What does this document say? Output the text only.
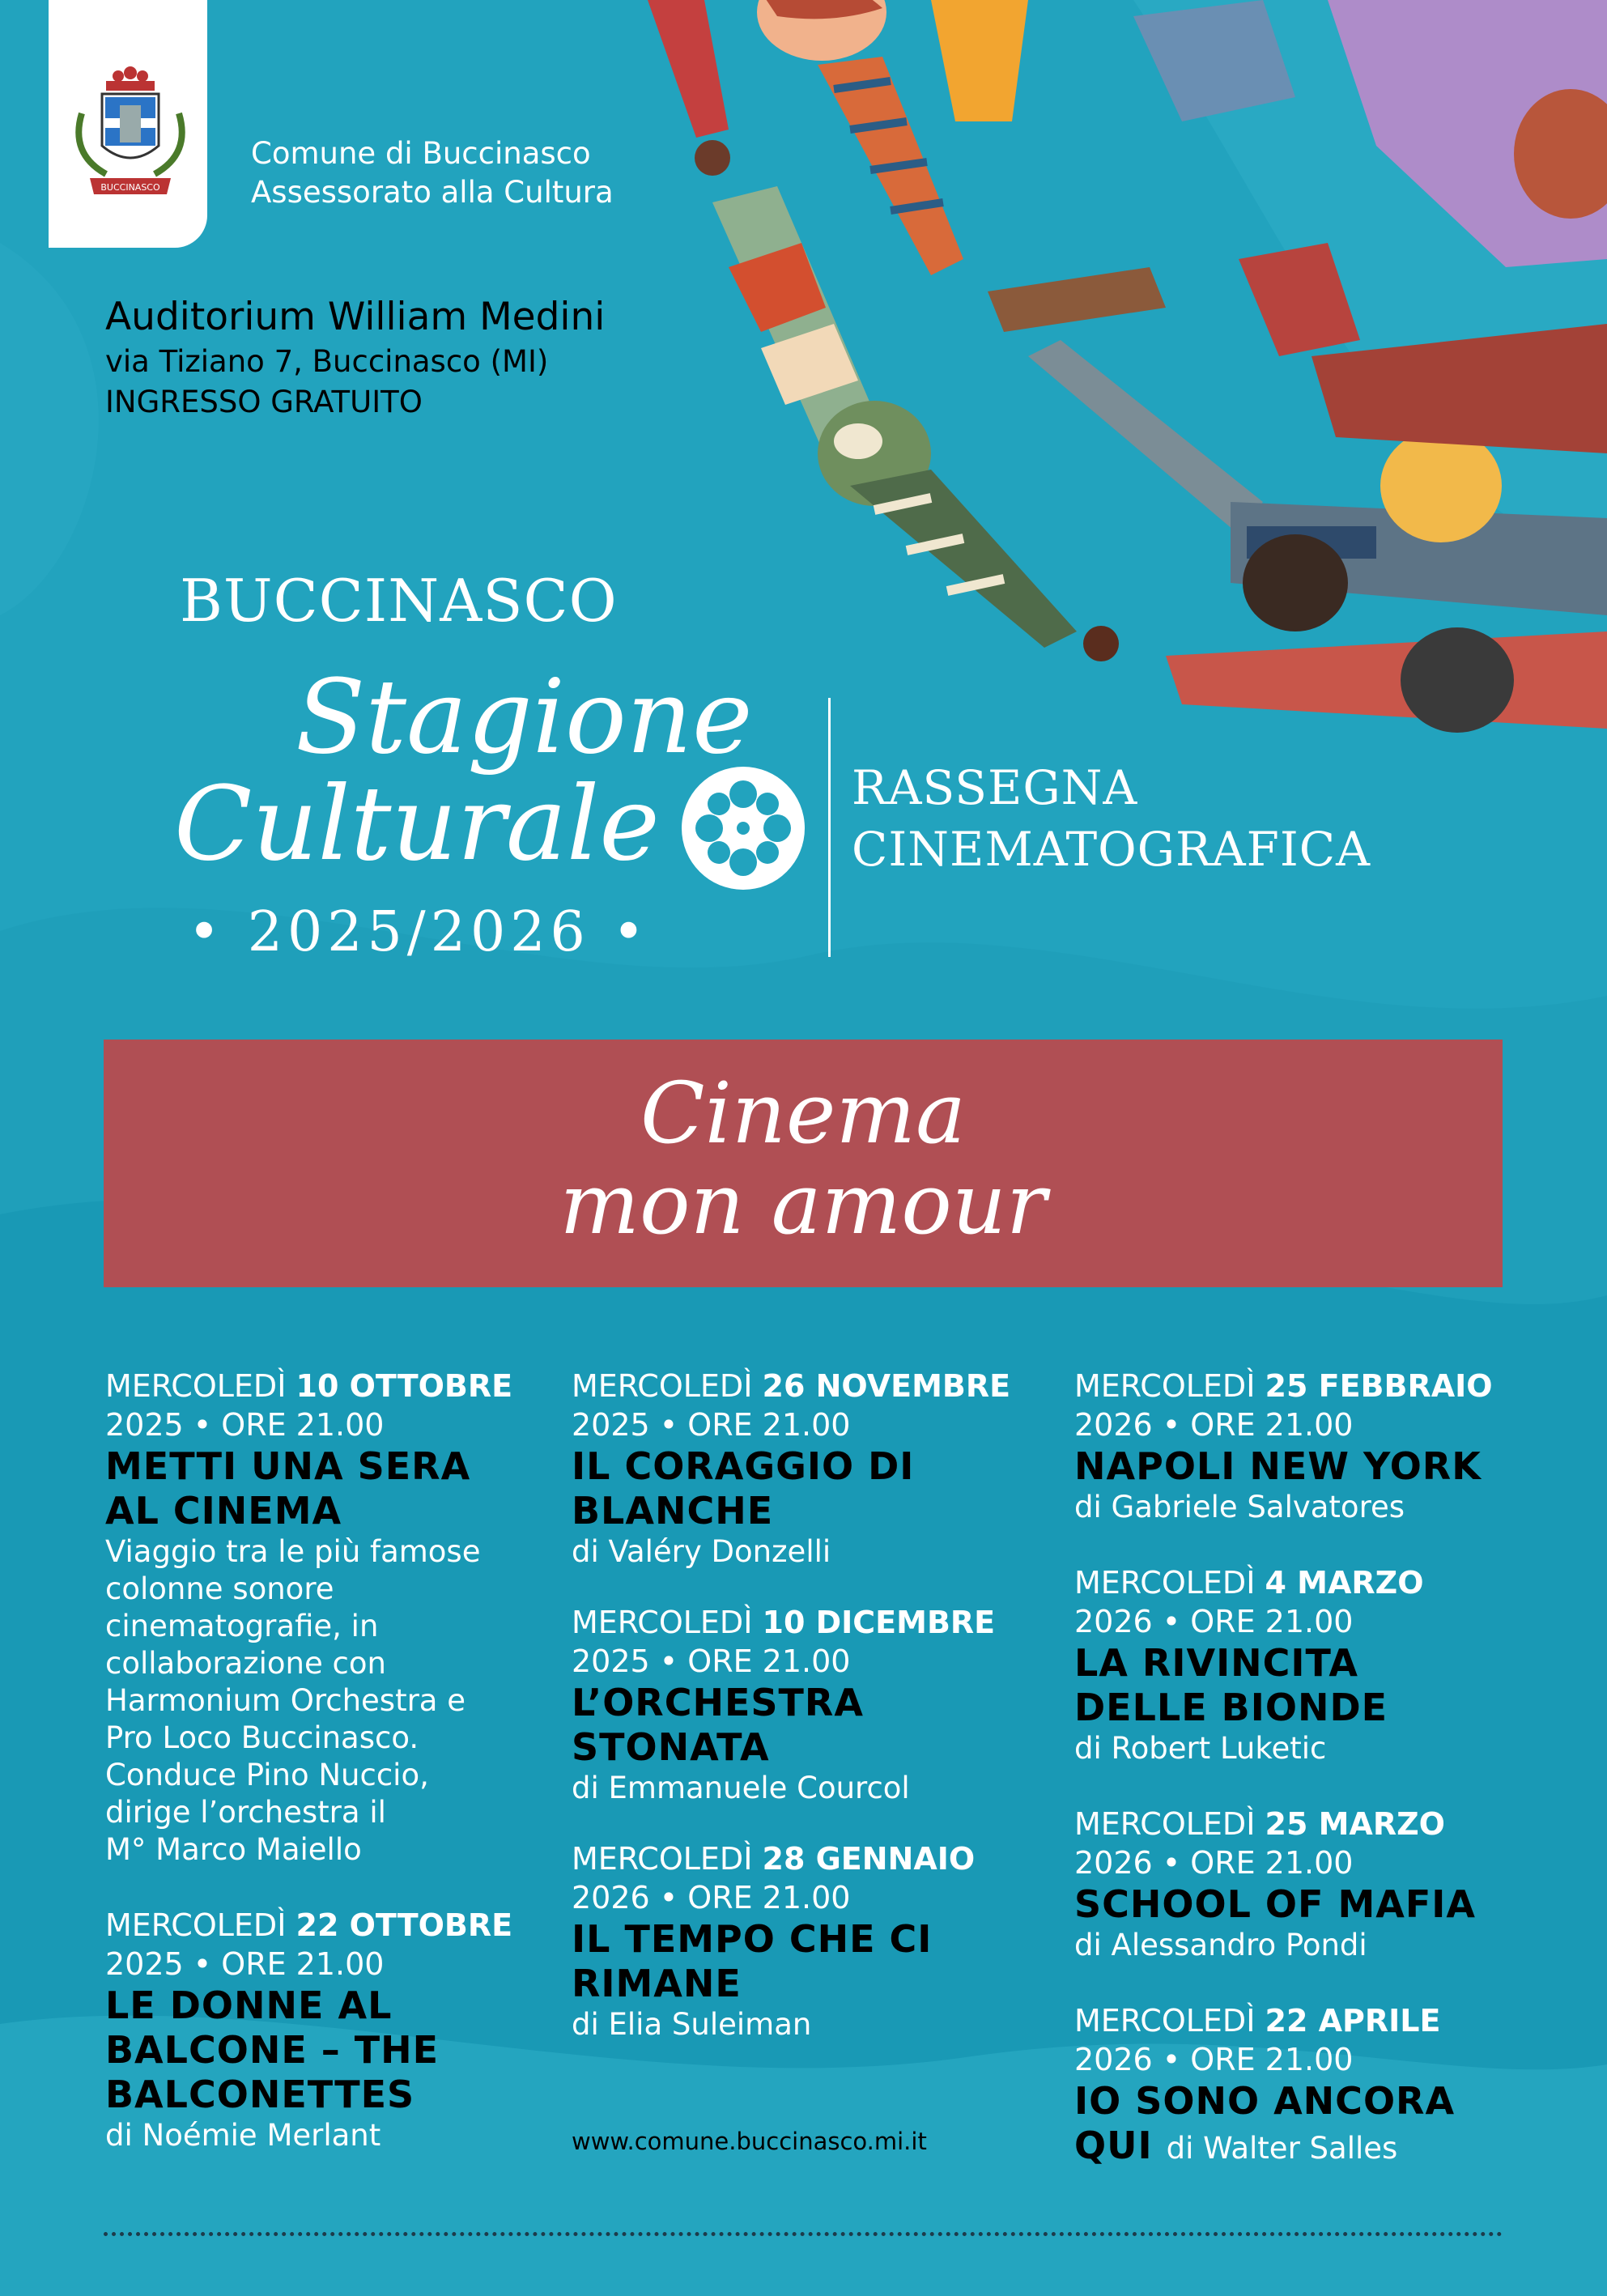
BUCCINASCO
Comune di Buccinasco
Assessorato alla Cultura
Auditorium William Medini
via Tiziano 7, Buccinasco (MI)
INGRESSO GRATUITO
BUCCINASCO
Stagione
Culturale
• 2025/2026 •
RASSEGNA
CINEMATOGRAFICA
Cinema
mon amour
MERCOLEDÌ 10 OTTOBRE
2025 • ORE 21.00
METTI UNA SERA
AL CINEMA
Viaggio tra le più famose
colonne sonore
cinematografie, in
collaborazione con
Harmonium Orchestra e
Pro Loco Buccinasco.
Conduce Pino Nuccio,
dirige l’orchestra il
M° Marco Maiello
MERCOLEDÌ 22 OTTOBRE
2025 • ORE 21.00
LE DONNE AL
BALCONE – THE
BALCONETTES
di Noémie Merlant
MERCOLEDÌ 26 NOVEMBRE
2025 • ORE 21.00
IL CORAGGIO DI
BLANCHE
di Valéry Donzelli
MERCOLEDÌ 10 DICEMBRE
2025 • ORE 21.00
L’ORCHESTRA
STONATA
di Emmanuele Courcol
MERCOLEDÌ 28 GENNAIO
2026 • ORE 21.00
IL TEMPO CHE CI
RIMANE
di Elia Suleiman
MERCOLEDÌ 25 FEBBRAIO
2026 • ORE 21.00
NAPOLI NEW YORK
di Gabriele Salvatores
MERCOLEDÌ 4 MARZO
2026 • ORE 21.00
LA RIVINCITA
DELLE BIONDE
di Robert Luketic
MERCOLEDÌ 25 MARZO
2026 • ORE 21.00
SCHOOL OF MAFIA
di Alessandro Pondi
MERCOLEDÌ 22 APRILE
2026 • ORE 21.00
IO SONO ANCORA
QUI di Walter Salles
www.comune.buccinasco.mi.it
